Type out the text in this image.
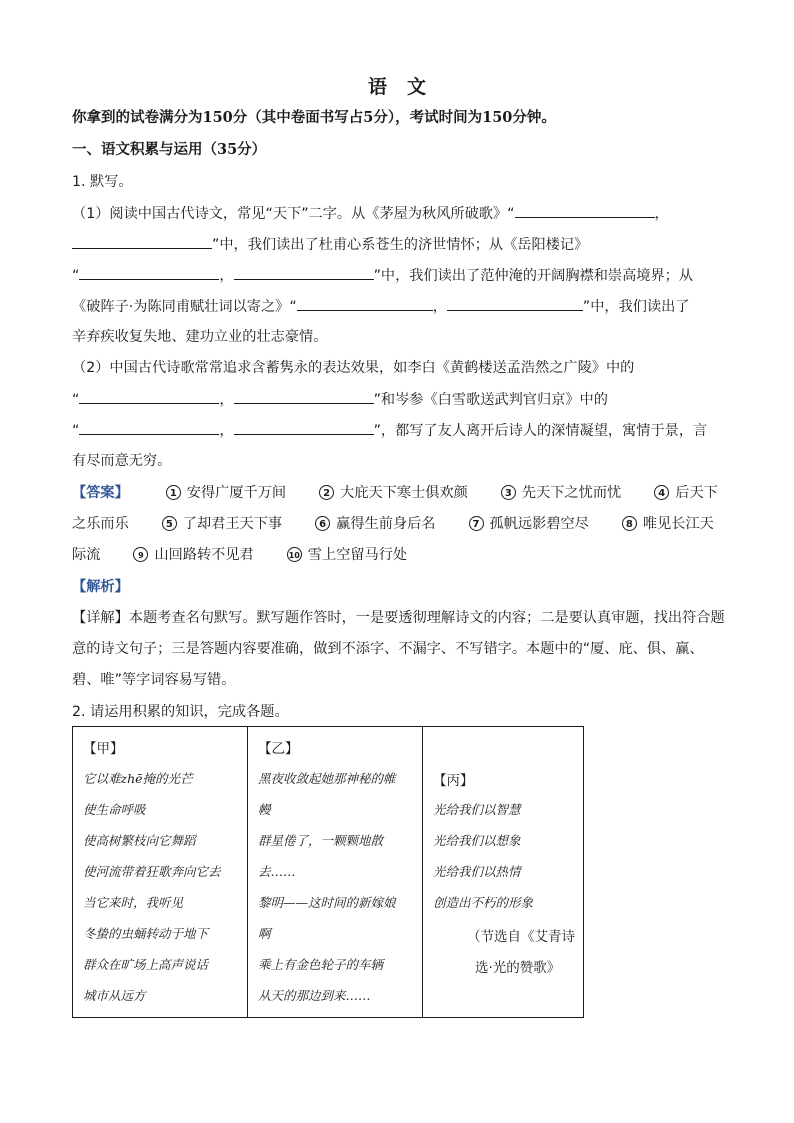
语 文
你拿到的试卷满分为150分（其中卷面书写占5分），考试时间为150分钟。
一、语文积累与运用（35分）
1. 默写。
（1）阅读中国古代诗文，常见“天下”二字。从《茅屋为秋风所破歌》“	，
”中，我们读出了杜甫心系苍生的济世情怀；从《岳阳楼记》
“	，	”中，我们读出了范仲淹的开阔胸襟和崇高境界；从
《破阵子·为陈同甫赋壮词以寄之》“	，	”中，我们读出了
辛弃疾收复失地、建功立业的壮志豪情。
（2）中国古代诗歌常常追求含蓄隽永的表达效果，如李白《黄鹤楼送孟浩然之广陵》中的
“	，	”和岑参《白雪歌送武判官归京》中的
“	，	”，都写了友人离开后诗人的深情凝望，寓情于景，言
有尽而意无穷。
【答案】	1 安得广厦千万间	2 大庇天下寒士俱欢颜	3 先天下之忧而忧	4 后天下
之乐而乐	5 了却君王天下事	6 赢得生前身后名	7 孤帆远影碧空尽	8 唯见长江天
际流	9 山回路转不见君	10 雪上空留马行处
【解析】
【详解】本题考查名句默写。默写题作答时，一是要透彻理解诗文的内容；二是要认真审题，找出符合题
意的诗文句子；三是答题内容要准确，做到不添字、不漏字、不写错字。本题中的“厦、庇、俱、赢、
碧、唯”等字词容易写错。
2. 请运用积累的知识，完成各题。
【甲】
它以难zhē掩的光芒
使生命呼吸
使高树繁枝向它舞蹈
使河流带着狂歌奔向它去
当它来时，我听见
冬蛰的虫蛹转动于地下
群众在旷场上高声说话
城市从远方

【乙】
黑夜收敛起她那神秘的帷
幔
群星倦了，一颗颗地散
去……
黎明——这时间的新嫁娘
啊
乘上有金色轮子的车辆
从天的那边到来……

【丙】
光给我们以智慧
光给我们以想象
光给我们以热情
创造出不朽的形象
（节选自《艾青诗
选·光的赞歌》
